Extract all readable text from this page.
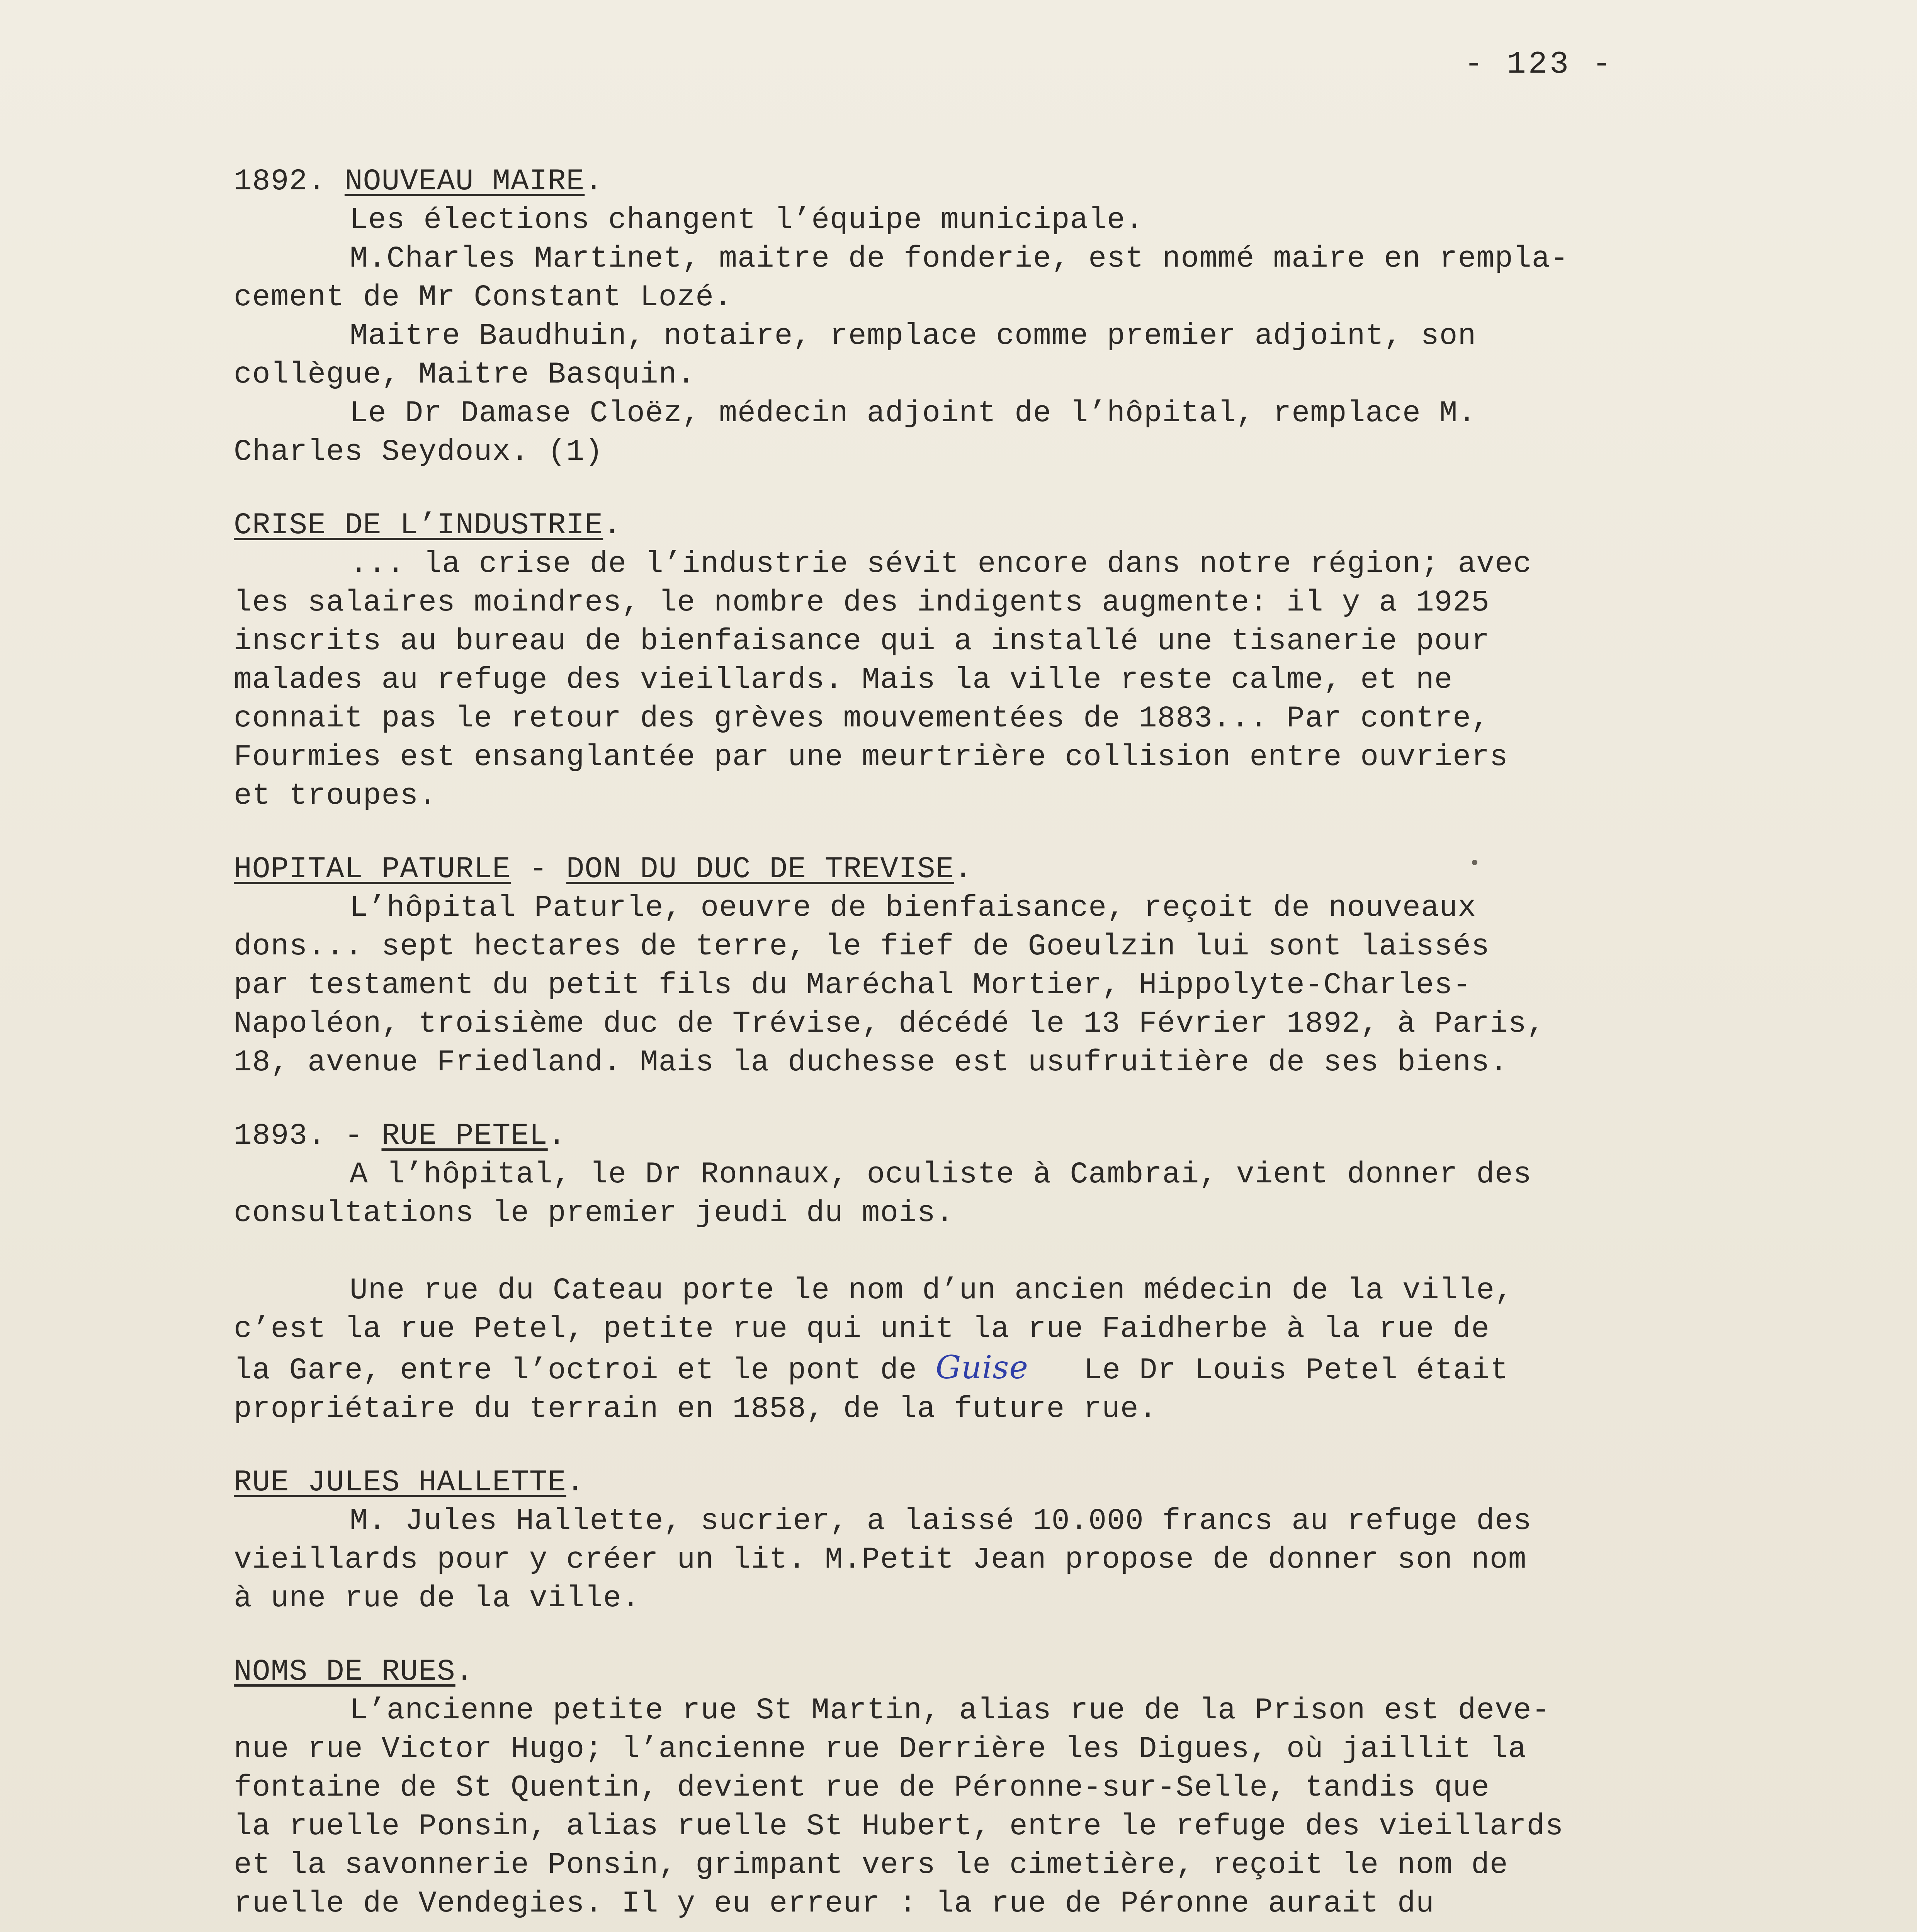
- 123 -
1892. NOUVEAU MAIRE.
Les élections changent l’équipe municipale.
M.Charles Martinet, maitre de fonderie, est nommé maire en rempla-
cement de Mr Constant Lozé.
Maitre Baudhuin, notaire, remplace comme premier adjoint, son
collègue, Maitre Basquin.
Le Dr Damase Cloëz, médecin adjoint de l’hôpital, remplace M.
Charles Seydoux. (1)
CRISE DE L’INDUSTRIE.
... la crise de l’industrie sévit encore dans notre région; avec
les salaires moindres, le nombre des indigents augmente: il y a 1925
inscrits au bureau de bienfaisance qui a installé une tisanerie pour
malades au refuge des vieillards. Mais la ville reste calme, et ne
connait pas le retour des grèves mouvementées de 1883... Par contre,
Fourmies est ensanglantée par une meurtrière collision entre ouvriers
et troupes.
HOPITAL PATURLE - DON DU DUC DE TREVISE.
L’hôpital Paturle, oeuvre de bienfaisance, reçoit de nouveaux
dons... sept hectares de terre, le fief de Goeulzin lui sont laissés
par testament du petit fils du Maréchal Mortier, Hippolyte-Charles-
Napoléon, troisième duc de Trévise, décédé le 13 Février 1892, à Paris,
18, avenue Friedland. Mais la duchesse est usufruitière de ses biens.
1893. - RUE PETEL.
A l’hôpital, le Dr Ronnaux, oculiste à Cambrai, vient donner des
consultations le premier jeudi du mois.
Une rue du Cateau porte le nom d’un ancien médecin de la ville,
c’est la rue Petel, petite rue qui unit la rue Faidherbe à la rue de
la Gare, entre l’octroi et le pont de Guise   Le Dr Louis Petel était
propriétaire du terrain en 1858, de la future rue.
RUE JULES HALLETTE.
M. Jules Hallette, sucrier, a laissé 10.000 francs au refuge des
vieillards pour y créer un lit. M.Petit Jean propose de donner son nom
à une rue de la ville.
NOMS DE RUES.
L’ancienne petite rue St Martin, alias rue de la Prison est deve-
nue rue Victor Hugo; l’ancienne rue Derrière les Digues, où jaillit la
fontaine de St Quentin, devient rue de Péronne-sur-Selle, tandis que
la ruelle Ponsin, alias ruelle St Hubert, entre le refuge des vieillards
et la savonnerie Ponsin, grimpant vers le cimetière, reçoit le nom de
ruelle de Vendegies. Il y eu erreur : la rue de Péronne aurait du
